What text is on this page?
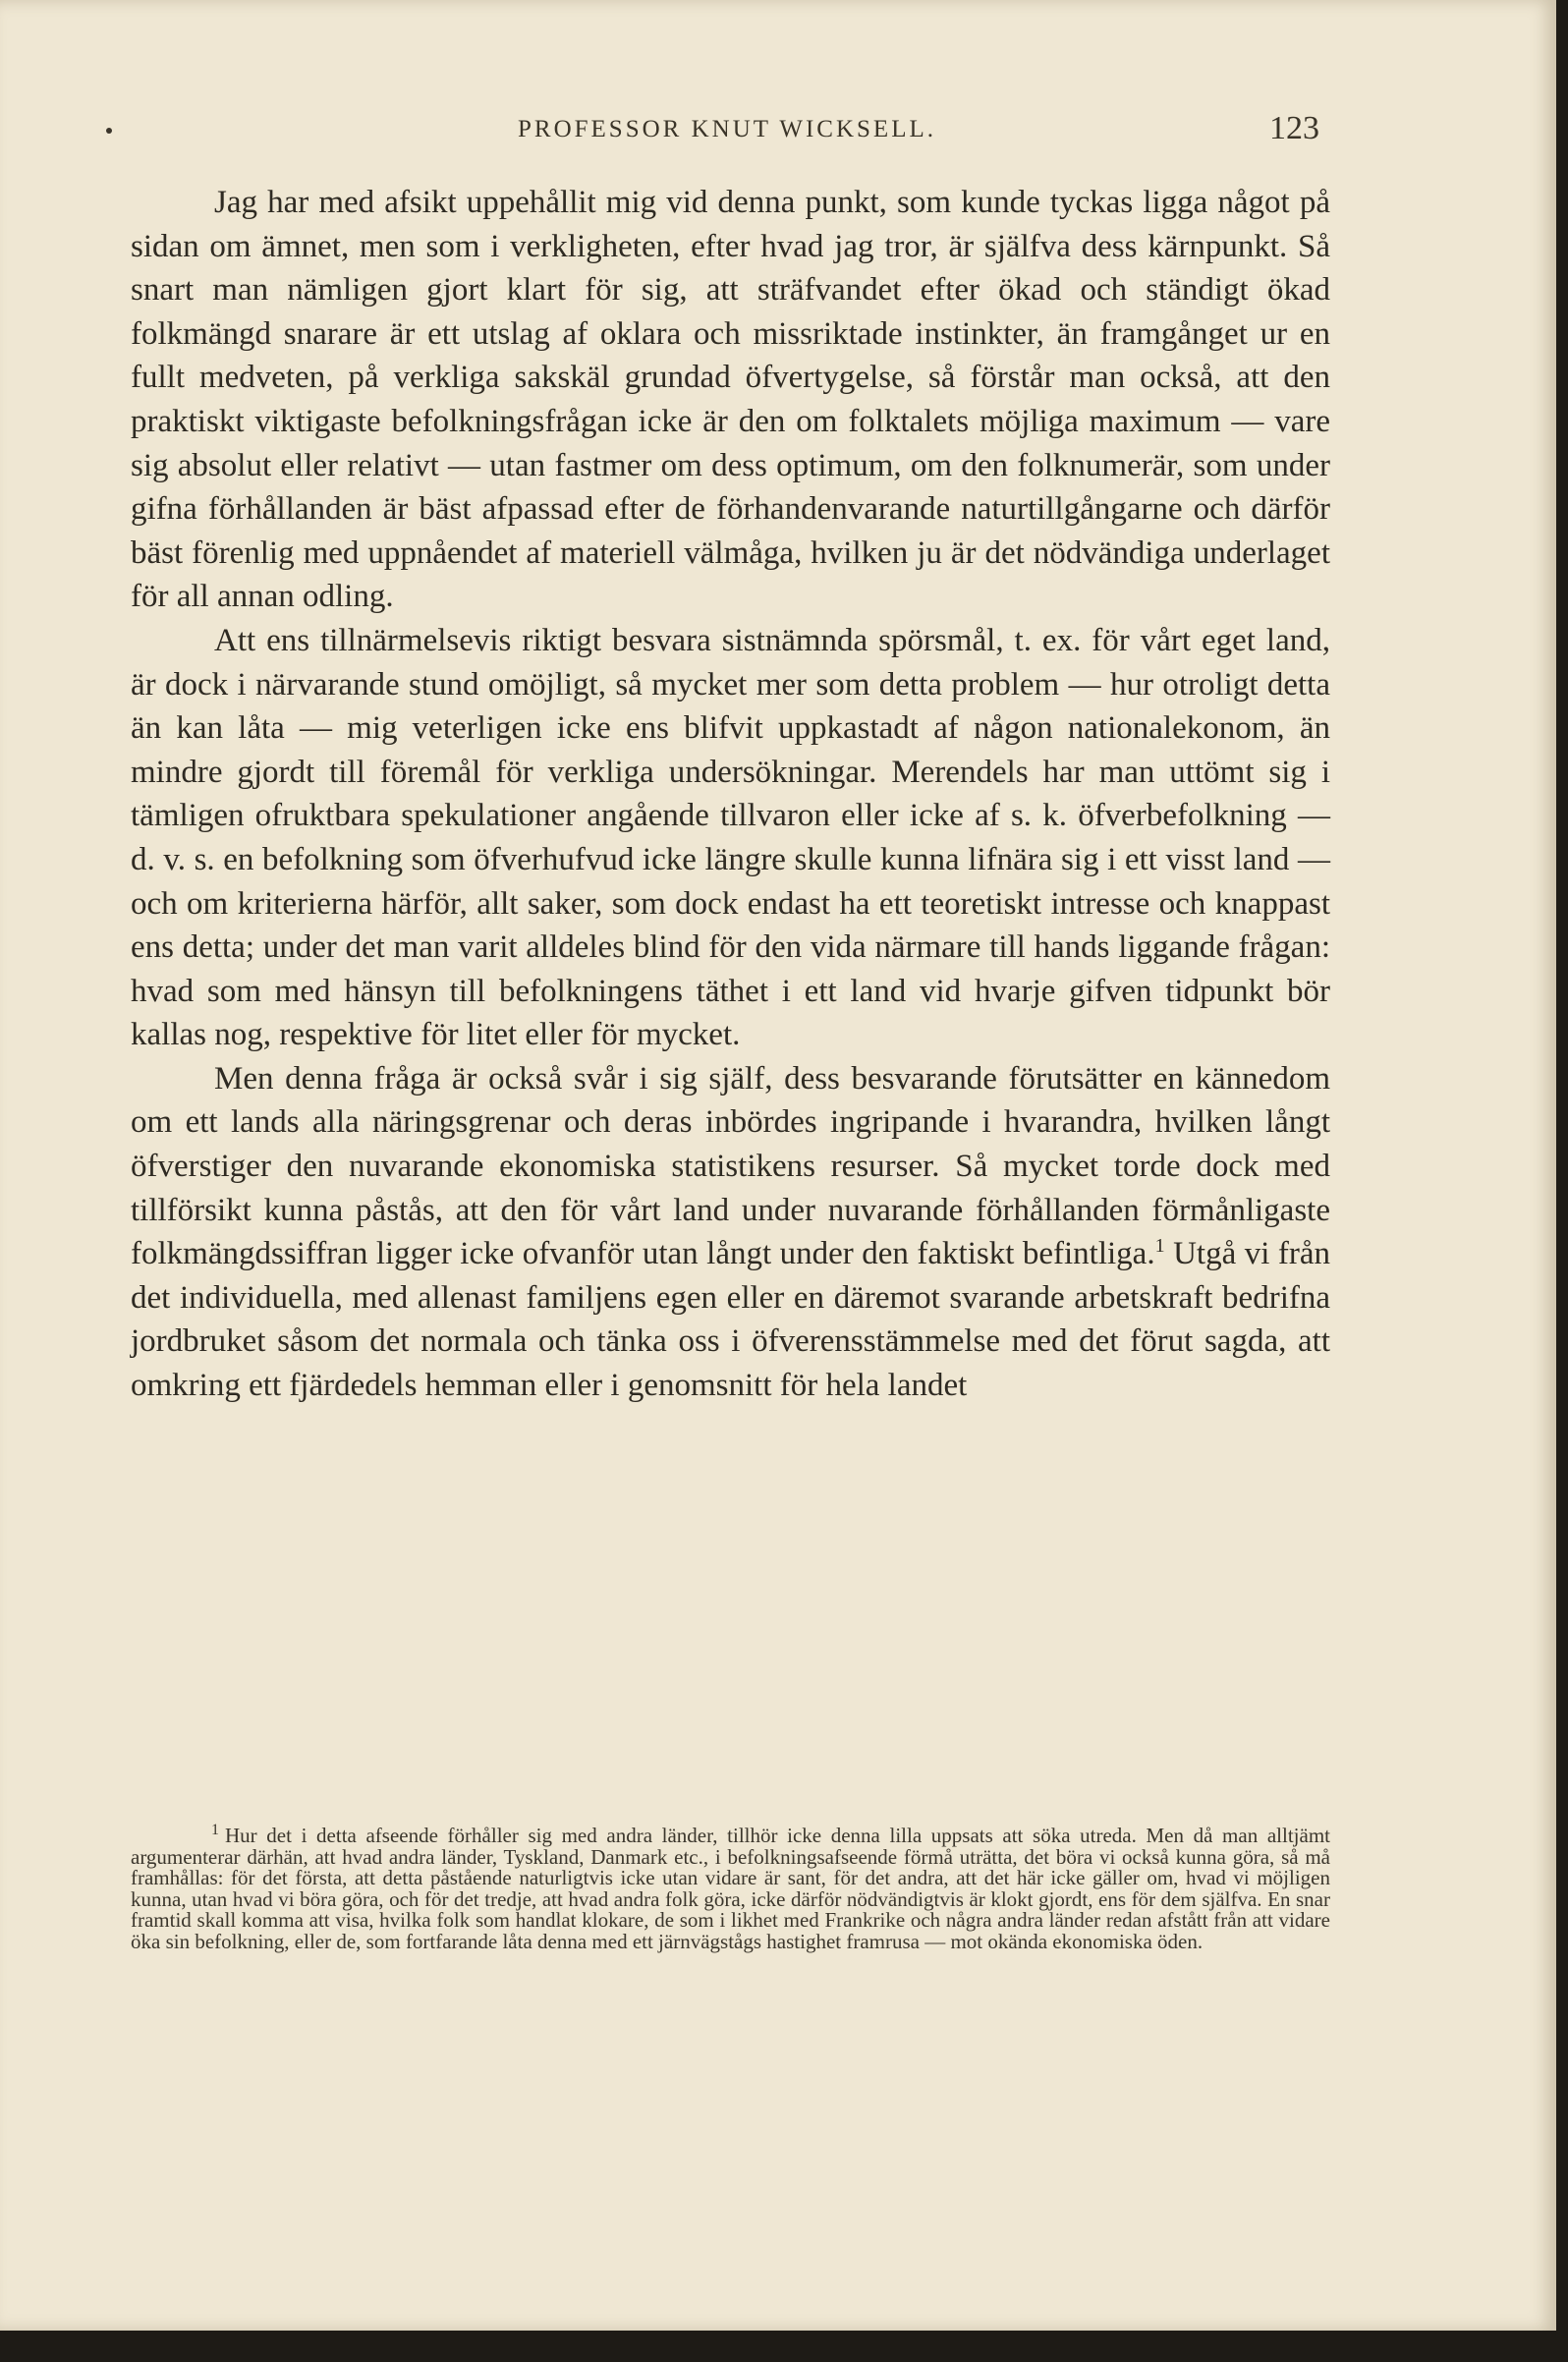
PROFESSOR KNUT WICKSELL.	123

Jag har med afsikt uppehållit mig vid denna punkt, som kunde tyckas ligga något på sidan om ämnet, men som i verkligheten, efter hvad jag tror, är själfva dess kärnpunkt. Så snart man nämligen gjort klart för sig, att sträfvandet efter ökad och ständigt ökad folkmängd snarare är ett utslag af oklara och missriktade instinkter, än framgånget ur en fullt medveten, på verkliga sakskäl grundad öfvertygelse, så förstår man också, att den praktiskt viktigaste befolkningsfrågan icke är den om folktalets möjliga maximum — vare sig absolut eller relativt — utan fastmer om dess optimum, om den folknumerär, som under gifna förhållanden är bäst afpassad efter de förhandenvarande naturtillgångarne och därför bäst förenlig med uppnåendet af materiell välmåga, hvilken ju är det nödvändiga underlaget för all annan odling.

Att ens tillnärmelsevis riktigt besvara sistnämnda spörsmål, t. ex. för vårt eget land, är dock i närvarande stund omöjligt, så mycket mer som detta problem — hur otroligt detta än kan låta — mig veterligen icke ens blifvit uppkastadt af någon nationalekonom, än mindre gjordt till föremål för verkliga undersökningar. Merendels har man uttömt sig i tämligen ofruktbara spekulationer angående tillvaron eller icke af s. k. öfverbefolkning — d. v. s. en befolkning som öfverhufvud icke längre skulle kunna lifnära sig i ett visst land — och om kriterierna härför, allt saker, som dock endast ha ett teoretiskt intresse och knappast ens detta; under det man varit alldeles blind för den vida närmare till hands liggande frågan: hvad som med hänsyn till befolkningens täthet i ett land vid hvarje gifven tidpunkt bör kallas nog, respektive för litet eller för mycket.

Men denna fråga är också svår i sig själf, dess besvarande förutsätter en kännedom om ett lands alla näringsgrenar och deras inbördes ingripande i hvarandra, hvilken långt öfverstiger den nuvarande ekonomiska statistikens resurser. Så mycket torde dock med tillförsikt kunna påstås, att den för vårt land under nuvarande förhållanden förmånligaste folkmängdssiffran ligger icke ofvanför utan långt under den faktiskt befintliga.$^1$ Utgå vi från det individuella, med allenast familjens egen eller en däremot svarande arbetskraft bedrifna jordbruket såsom det normala och tänka oss i öfverensstämmelse med det förut sagda, att omkring ett fjärdedels hemman eller i genomsnitt för hela landet

$^1$ Hur det i detta afseende förhåller sig med andra länder, tillhör icke denna lilla uppsats att söka utreda. Men då man alltjämt argumenterar därhän, att hvad andra länder, Tyskland, Danmark etc., i befolkningsafseende förmå uträtta, det böra vi också kunna göra, så må framhållas: för det första, att detta påstående naturligtvis icke utan vidare är sant, för det andra, att det här icke gäller om, hvad vi möjligen kunna, utan hvad vi böra göra, och för det tredje, att hvad andra folk göra, icke därför nödvändigtvis är klokt gjordt, ens för dem själfva. En snar framtid skall komma att visa, hvilka folk som handlat klokare, de som i likhet med Frankrike och några andra länder redan afstått från att vidare öka sin befolkning, eller de, som fortfarande låta denna med ett järnvägstågs hastighet framrusa — mot okända ekonomiska öden.
